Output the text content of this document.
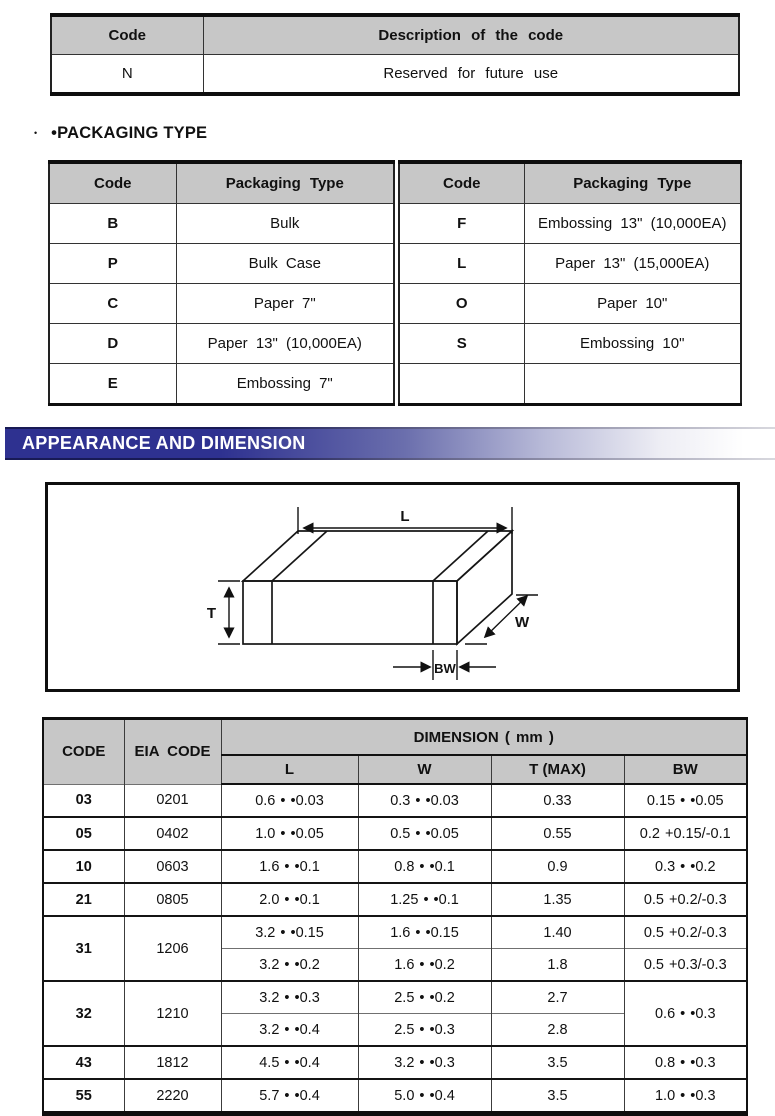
Code	Description of the code
N	Reserved for future use
• •PACKAGING TYPE
Code	Packaging Type
B	Bulk
P	Bulk Case
C	Paper 7"
D	Paper 13" (10,000EA)
E	Embossing 7"
Code	Packaging Type
F	Embossing 13" (10,000EA)
L	Paper 13" (15,000EA)
O	Paper 10"
S	Embossing 10"

APPEARANCE AND DIMENSION
L
T
W
BW
CODE	EIA CODE	DIMENSION ( mm )			
		L	W	T (MAX)	BW
03	0201	0.6 • •0.03	0.3 • •0.03	0.33	0.15 • •0.05
05	0402	1.0 • •0.05	0.5 • •0.05	0.55	0.2 +0.15/-0.1
10	0603	1.6 • •0.1	0.8 • •0.1	0.9	0.3 • •0.2
21	0805	2.0 • •0.1	1.25 • •0.1	1.35	0.5 +0.2/-0.3
31	1206	3.2 • •0.15	1.6 • •0.15	1.40	0.5 +0.2/-0.3
		3.2 • •0.2	1.6 • •0.2	1.8	0.5 +0.3/-0.3
32	1210	3.2 • •0.3	2.5 • •0.2	2.7	0.6 • •0.3
		3.2 • •0.4	2.5 • •0.3	2.8	
43	1812	4.5 • •0.4	3.2 • •0.3	3.5	0.8 • •0.3
55	2220	5.7 • •0.4	5.0 • •0.4	3.5	1.0 • •0.3
